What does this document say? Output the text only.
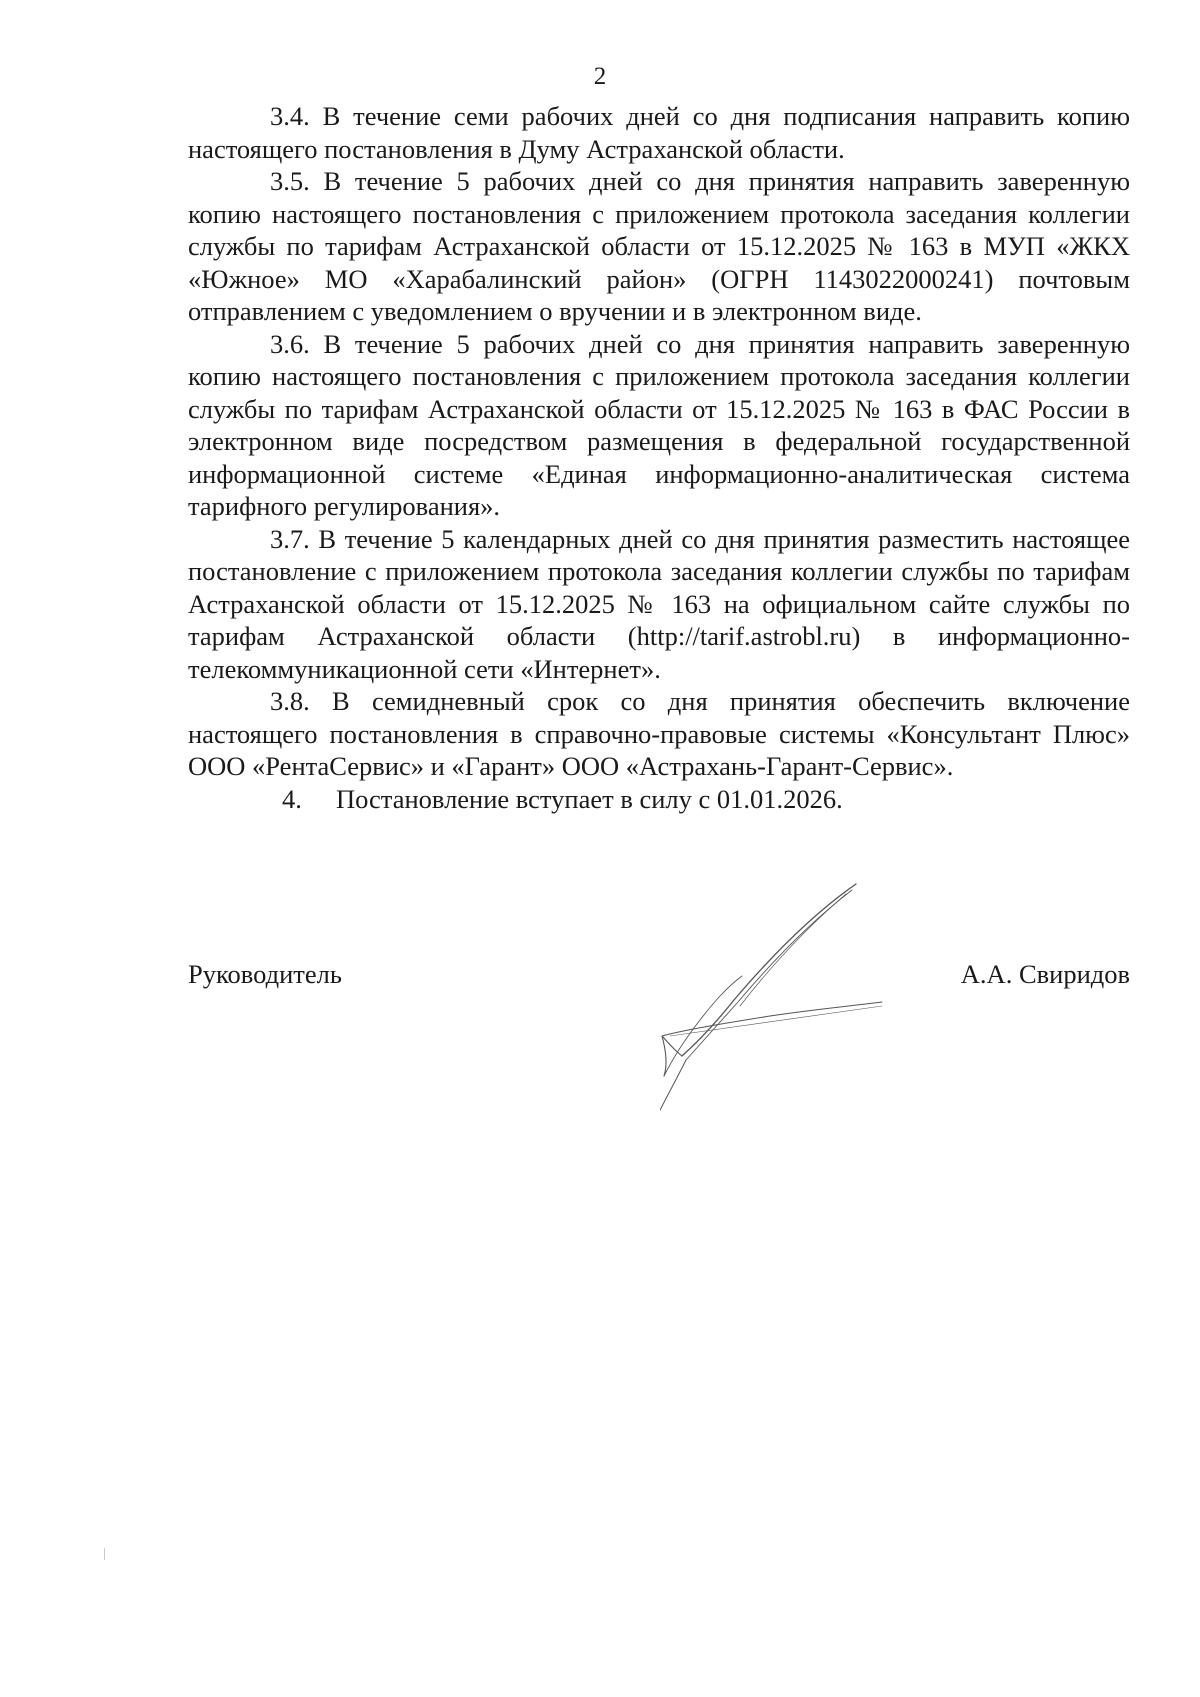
2

3.4. В течение семи рабочих дней со дня подписания направить копию настоящего постановления в Думу Астраханской области.

3.5. В течение 5 рабочих дней со дня принятия направить заверенную копию настоящего постановления с приложением протокола заседания коллегии службы по тарифам Астраханской области от 15.12.2025 № 163 в МУП «ЖКХ «Южное» МО «Харабалинский район» (ОГРН 1143022000241) почтовым отправлением с уведомлением о вручении и в электронном виде.

3.6. В течение 5 рабочих дней со дня принятия направить заверенную копию настоящего постановления с приложением протокола заседания коллегии службы по тарифам Астраханской области от 15.12.2025 № 163 в ФАС России в электронном виде посредством размещения в федеральной государственной информационной системе «Единая информационно-аналитическая система тарифного регулирования».

3.7. В течение 5 календарных дней со дня принятия разместить настоящее постановление с приложением протокола заседания коллегии службы по тарифам Астраханской области от 15.12.2025 № 163 на официальном сайте службы по тарифам Астраханской области (http://tarif.astrobl.ru) в информационно-телекоммуникационной сети «Интернет».

3.8. В семидневный срок со дня принятия обеспечить включение настоящего постановления в справочно-правовые системы «Консультант Плюс» ООО «РентаСервис» и «Гарант» ООО «Астрахань-Гарант-Сервис».

4. Постановление вступает в силу с 01.01.2026.

Руководитель	А.А. Свиридов
